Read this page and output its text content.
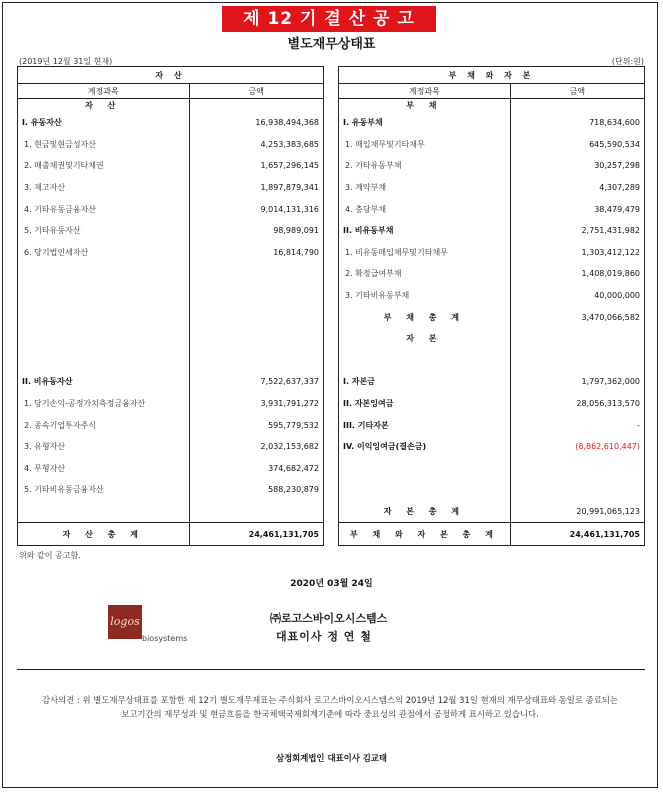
제 12 기 결 산 공 고
별도재무상태표
(2019년 12월 31일 현재)	(단위:원)
자 산	
계정과목	금액
자 산	
I. 유동자산	16,938,494,368
1. 현금및현금성자산	4,253,383,685
2. 매출채권및기타채권	1,657,296,145
3. 재고자산	1,897,879,341
4. 기타유동금융자산	9,014,131,316
5. 기타유동자산	98,989,091
6. 당기법인세자산	16,814,790

II. 비유동자산	7,522,637,337
1. 당기손익-공정가치측정금융자산	3,931,791,272
2. 종속기업투자주식	595,779,532
3. 유형자산	2,032,153,682
4. 무형자산	374,682,472
5. 기타비유동금융자산	588,230,879

자 산 총 계	24,461,131,705
부 채 와 자 본	
계정과목	금액
부 채	
I. 유동부채	718,634,600
1. 매입채무및기타채무	645,590,534
2. 기타유동부채	30,257,298
3. 계약부채	4,307,289
4. 충당부채	38,479,479
II. 비유동부채	2,751,431,982
1. 비유동매입채무및기타채무	1,303,412,122
2. 확정급여부채	1,408,019,860
3. 기타비유동부채	40,000,000
부 채 총 계	3,470,066,582
자 본	

I. 자본금	1,797,362,000
II. 자본잉여금	28,056,313,570
III. 기타자본	-
IV. 이익잉여금(결손금)	(8,862,610,447)

자 본 총 계	20,991,065,123
부 채 와 자 본 총 계	24,461,131,705
위와 같이 공고함.
2020년 03월 24일
logos
biosystems
㈜로고스바이오시스템스
대표이사 정 연 철
감사의견 : 위 별도재무상태표를 포함한 제 12기 별도재무제표는 주식회사 로고스바이오시스템스의 2019년 12월 31일 현재의 재무상태표와 동일로 종료되는 보고기간의 재무성과 및 현금흐름을 한국채택국제회계기준에 따라 중요성의 관점에서 공정하게 표시하고 있습니다.
삼정회계법인 대표이사 김교태
